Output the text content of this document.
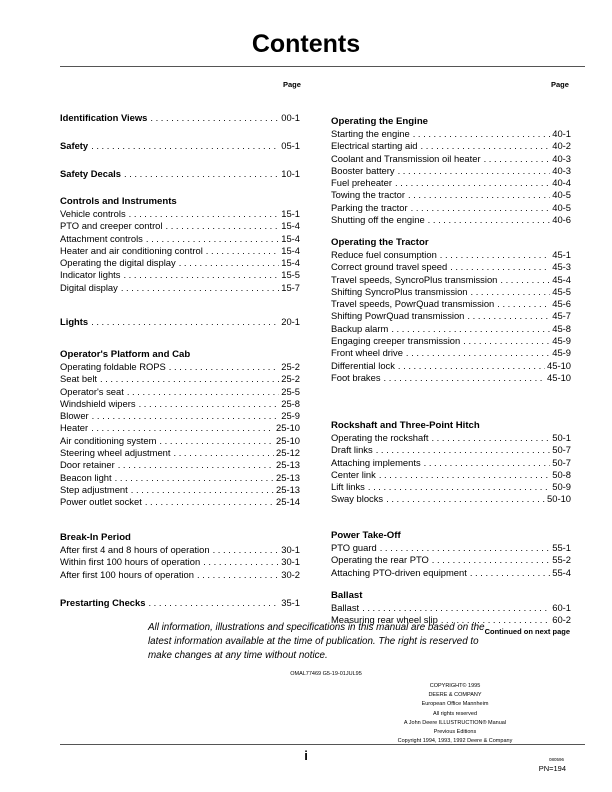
Contents
Page	Page
Identification Views . . .	00-1
Safety . . .	05-1
Safety Decals . . .	10-1
Controls and Instruments
Vehicle controls . . .	15-1
PTO and creeper control . . .	15-4
Attachment controls . . .	15-4
Heater and air conditioning control . . .	15-4
Operating the digital display . . .	15-4
Indicator lights . . .	15-5
Digital display . . .	15-7
Lights . . .	20-1
Operator's Platform and Cab
Operating foldable ROPS . . .	25-2
Seat belt . . .	25-2
Operator's seat . . .	25-5
Windshield wipers . . .	25-8
Blower . . .	25-9
Heater . . .	25-10
Air conditioning system . . .	25-10
Steering wheel adjustment . . .	25-12
Door retainer . . .	25-13
Beacon light . . .	25-13
Step adjustment . . .	25-13
Power outlet socket . . .	25-14
Break-In Period
After first 4 and 8 hours of operation . . .	30-1
Within first 100 hours of operation . . .	30-1
After first 100 hours of operation . . .	30-2
Prestarting Checks . . .	35-1
Operating the Engine
Starting the engine . . .	40-1
Electrical starting aid . . .	40-2
Coolant and Transmission oil heater . . .	40-3
Booster battery . . .	40-3
Fuel preheater . . .	40-4
Towing the tractor . . .	40-5
Parking the tractor . . .	40-5
Shutting off the engine . . .	40-6
Operating the Tractor
Reduce fuel consumption . . .	45-1
Correct ground travel speed . . .	45-3
Travel speeds, SyncroPlus transmission . . .	45-4
Shifting SyncroPlus transmission . . .	45-5
Travel speeds, PowrQuad transmission . . .	45-6
Shifting PowrQuad transmission . . .	45-7
Backup alarm . . .	45-8
Engaging creeper transmission . . .	45-9
Front wheel drive . . .	45-9
Differential lock . . .	45-10
Foot brakes . . .	45-10
Rockshaft and Three-Point Hitch
Operating the rockshaft . . .	50-1
Draft links . . .	50-7
Attaching implements . . .	50-7
Center link . . .	50-8
Lift links . . .	50-9
Sway blocks . . .	50-10
Power Take-Off
PTO guard . . .	55-1
Operating the rear PTO . . .	55-2
Attaching PTO-driven equipment . . .	55-4
Ballast
Ballast . . .	60-1
Measuring rear wheel slip . . .	60-2
Continued on next page
All information, illustrations and specifications in this manual are based on the latest information available at the time of publication. The right is reserved to make changes at any time without notice.
OMAL77469 G5-19-01JUL95
COPYRIGHT© 1995
DEERE & COMPANY
European Office Mannheim
All rights reserved
A John Deere ILLUSTRUCTION® Manual
Previous Editions
Copyright 1994, 1993, 1992 Deere & Company
i	080596
PN=194
